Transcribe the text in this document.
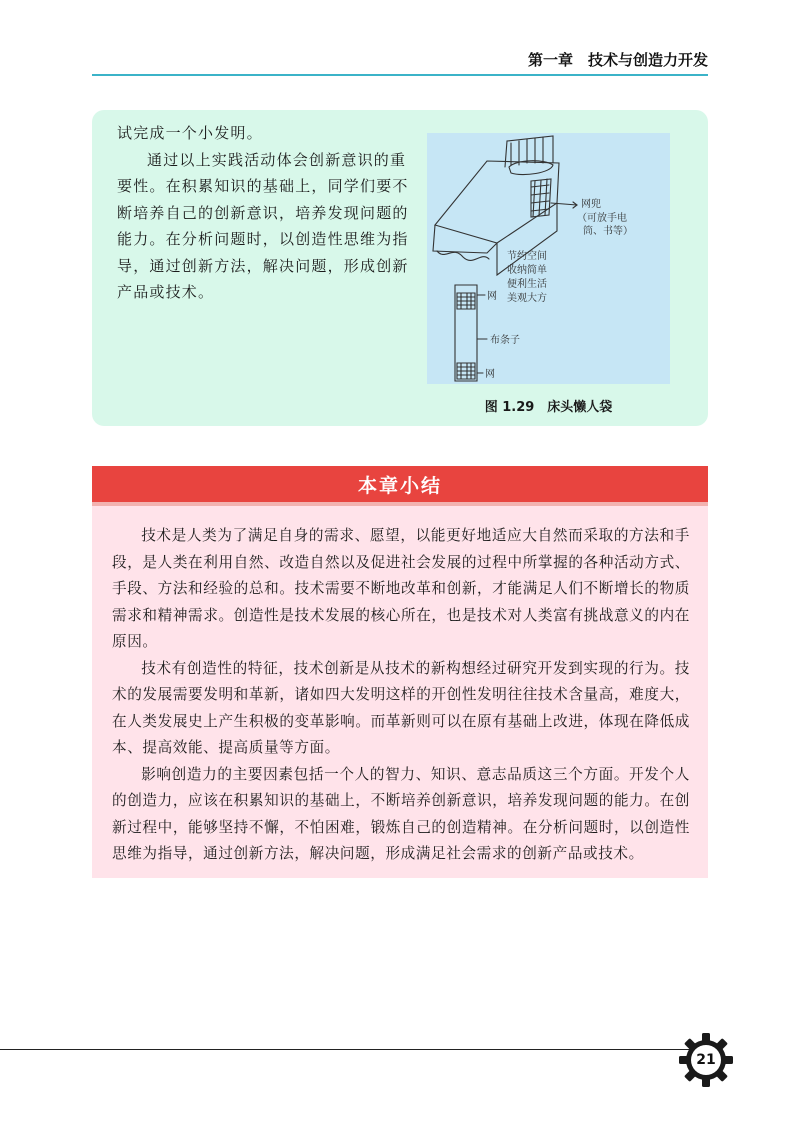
第一章　技术与创造力开发

试完成一个小发明。

通过以上实践活动体会创新意识的重要性。在积累知识的基础上，同学们要不断培养自己的创新意识，培养发现问题的能力。在分析问题时，以创造性思维为指导，通过创新方法，解决问题，形成创新产品或技术。

网兜
（可放手电
筒、书等）
节约空间
收纳简单
便利生活
美观大方
网
布条子
网
图 1.29　床头懒人袋
本章小结

技术是人类为了满足自身的需求、愿望，以能更好地适应大自然而采取的方法和手段，是人类在利用自然、改造自然以及促进社会发展的过程中所掌握的各种活动方式、手段、方法和经验的总和。技术需要不断地改革和创新，才能满足人们不断增长的物质需求和精神需求。创造性是技术发展的核心所在，也是技术对人类富有挑战意义的内在原因。

技术有创造性的特征，技术创新是从技术的新构想经过研究开发到实现的行为。技术的发展需要发明和革新，诸如四大发明这样的开创性发明往往技术含量高，难度大，在人类发展史上产生积极的变革影响。而革新则可以在原有基础上改进，体现在降低成本、提高效能、提高质量等方面。

影响创造力的主要因素包括一个人的智力、知识、意志品质这三个方面。开发个人的创造力，应该在积累知识的基础上，不断培养创新意识，培养发现问题的能力。在创新过程中，能够坚持不懈，不怕困难，锻炼自己的创造精神。在分析问题时，以创造性思维为指导，通过创新方法，解决问题，形成满足社会需求的创新产品或技术。

21
